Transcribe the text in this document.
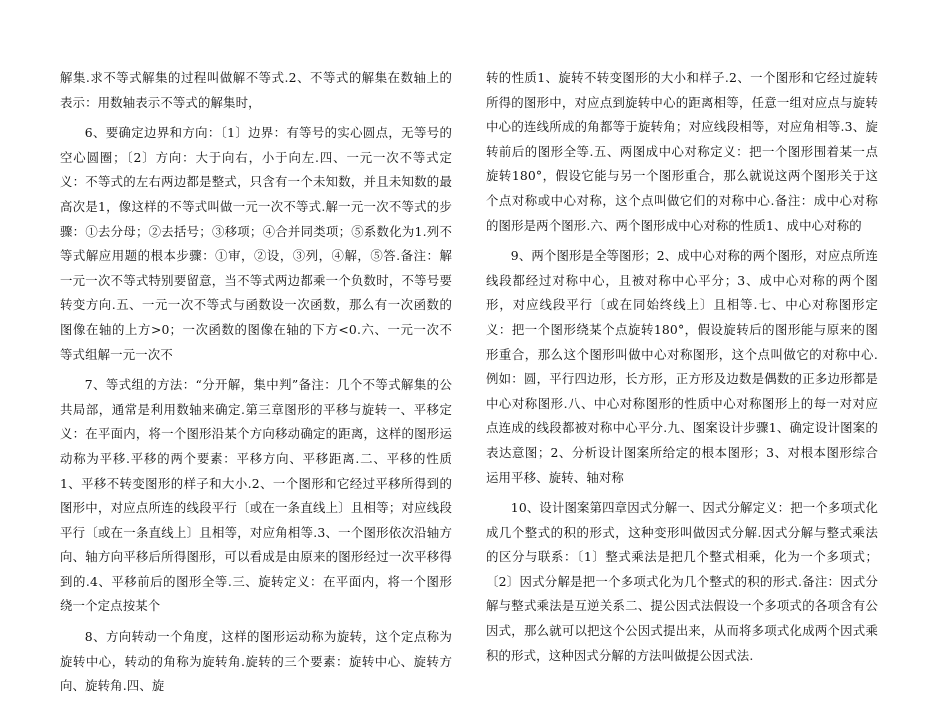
解集.求不等式解集的过程叫做解不等式.2、不等式的解集在数轴上的表示：用数轴表示不等式的解集时，

6、要确定边界和方向：〔1〕边界：有等号的实心圆点，无等号的空心圆圈；〔2〕方向：大于向右，小于向左.四、一元一次不等式定义：不等式的左右两边都是整式，只含有一个未知数，并且未知数的最高次是1，像这样的不等式叫做一元一次不等式.解一元一次不等式的步骤：①去分母；②去括号；③移项；④合并同类项；⑤系数化为1.列不等式解应用题的根本步骤：①审，②设，③列，④解，⑤答.备注：解一元一次不等式特别要留意，当不等式两边都乘一个负数时，不等号要转变方向.五、一元一次不等式与函数设一次函数，那么有一次函数的图像在轴的上方>0；一次函数的图像在轴的下方<0.六、一元一次不等式组解一元一次不

7、等式组的方法：“分开解，集中判”备注：几个不等式解集的公共局部，通常是利用数轴来确定.第三章图形的平移与旋转一、平移定义：在平面内，将一个图形沿某个方向移动确定的距离，这样的图形运动称为平移.平移的两个要素：平移方向、平移距离.二、平移的性质1、平移不转变图形的样子和大小.2、一个图形和它经过平移所得到的图形中，对应点所连的线段平行〔或在一条直线上〕且相等；对应线段平行〔或在一条直线上〕且相等，对应角相等.3、一个图形依次沿轴方向、轴方向平移后所得图形，可以看成是由原来的图形经过一次平移得到的.4、平移前后的图形全等.三、旋转定义：在平面内，将一个图形绕一个定点按某个

8、方向转动一个角度，这样的图形运动称为旋转，这个定点称为旋转中心，转动的角称为旋转角.旋转的三个要素：旋转中心、旋转方向、旋转角.四、旋

转的性质1、旋转不转变图形的大小和样子.2、一个图形和它经过旋转所得的图形中，对应点到旋转中心的距离相等，任意一组对应点与旋转中心的连线所成的角都等于旋转角；对应线段相等，对应角相等.3、旋转前后的图形全等.五、两图成中心对称定义：把一个图形围着某一点旋转180°，假设它能与另一个图形重合，那么就说这两个图形关于这个点对称或中心对称，这个点叫做它们的对称中心.备注：成中心对称的图形是两个图形.六、两个图形成中心对称的性质1、成中心对称的

9、两个图形是全等图形；2、成中心对称的两个图形，对应点所连线段都经过对称中心，且被对称中心平分；3、成中心对称的两个图形，对应线段平行〔或在同始终线上〕且相等.七、中心对称图形定义：把一个图形绕某个点旋转180°，假设旋转后的图形能与原来的图形重合，那么这个图形叫做中心对称图形，这个点叫做它的对称中心.例如：圆，平行四边形，长方形，正方形及边数是偶数的正多边形都是中心对称图形.八、中心对称图形的性质中心对称图形上的每一对对应点连成的线段都被对称中心平分.九、图案设计步骤1、确定设计图案的表达意图；2、分析设计图案所给定的根本图形；3、对根本图形综合运用平移、旋转、轴对称

10、设计图案第四章因式分解一、因式分解定义：把一个多项式化成几个整式的积的形式，这种变形叫做因式分解.因式分解与整式乘法的区分与联系：〔1〕整式乘法是把几个整式相乘，化为一个多项式；〔2〕因式分解是把一个多项式化为几个整式的积的形式.备注：因式分解与整式乘法是互逆关系二、提公因式法假设一个多项式的各项含有公因式，那么就可以把这个公因式提出来，从而将多项式化成两个因式乘积的形式，这种因式分解的方法叫做提公因式法.
